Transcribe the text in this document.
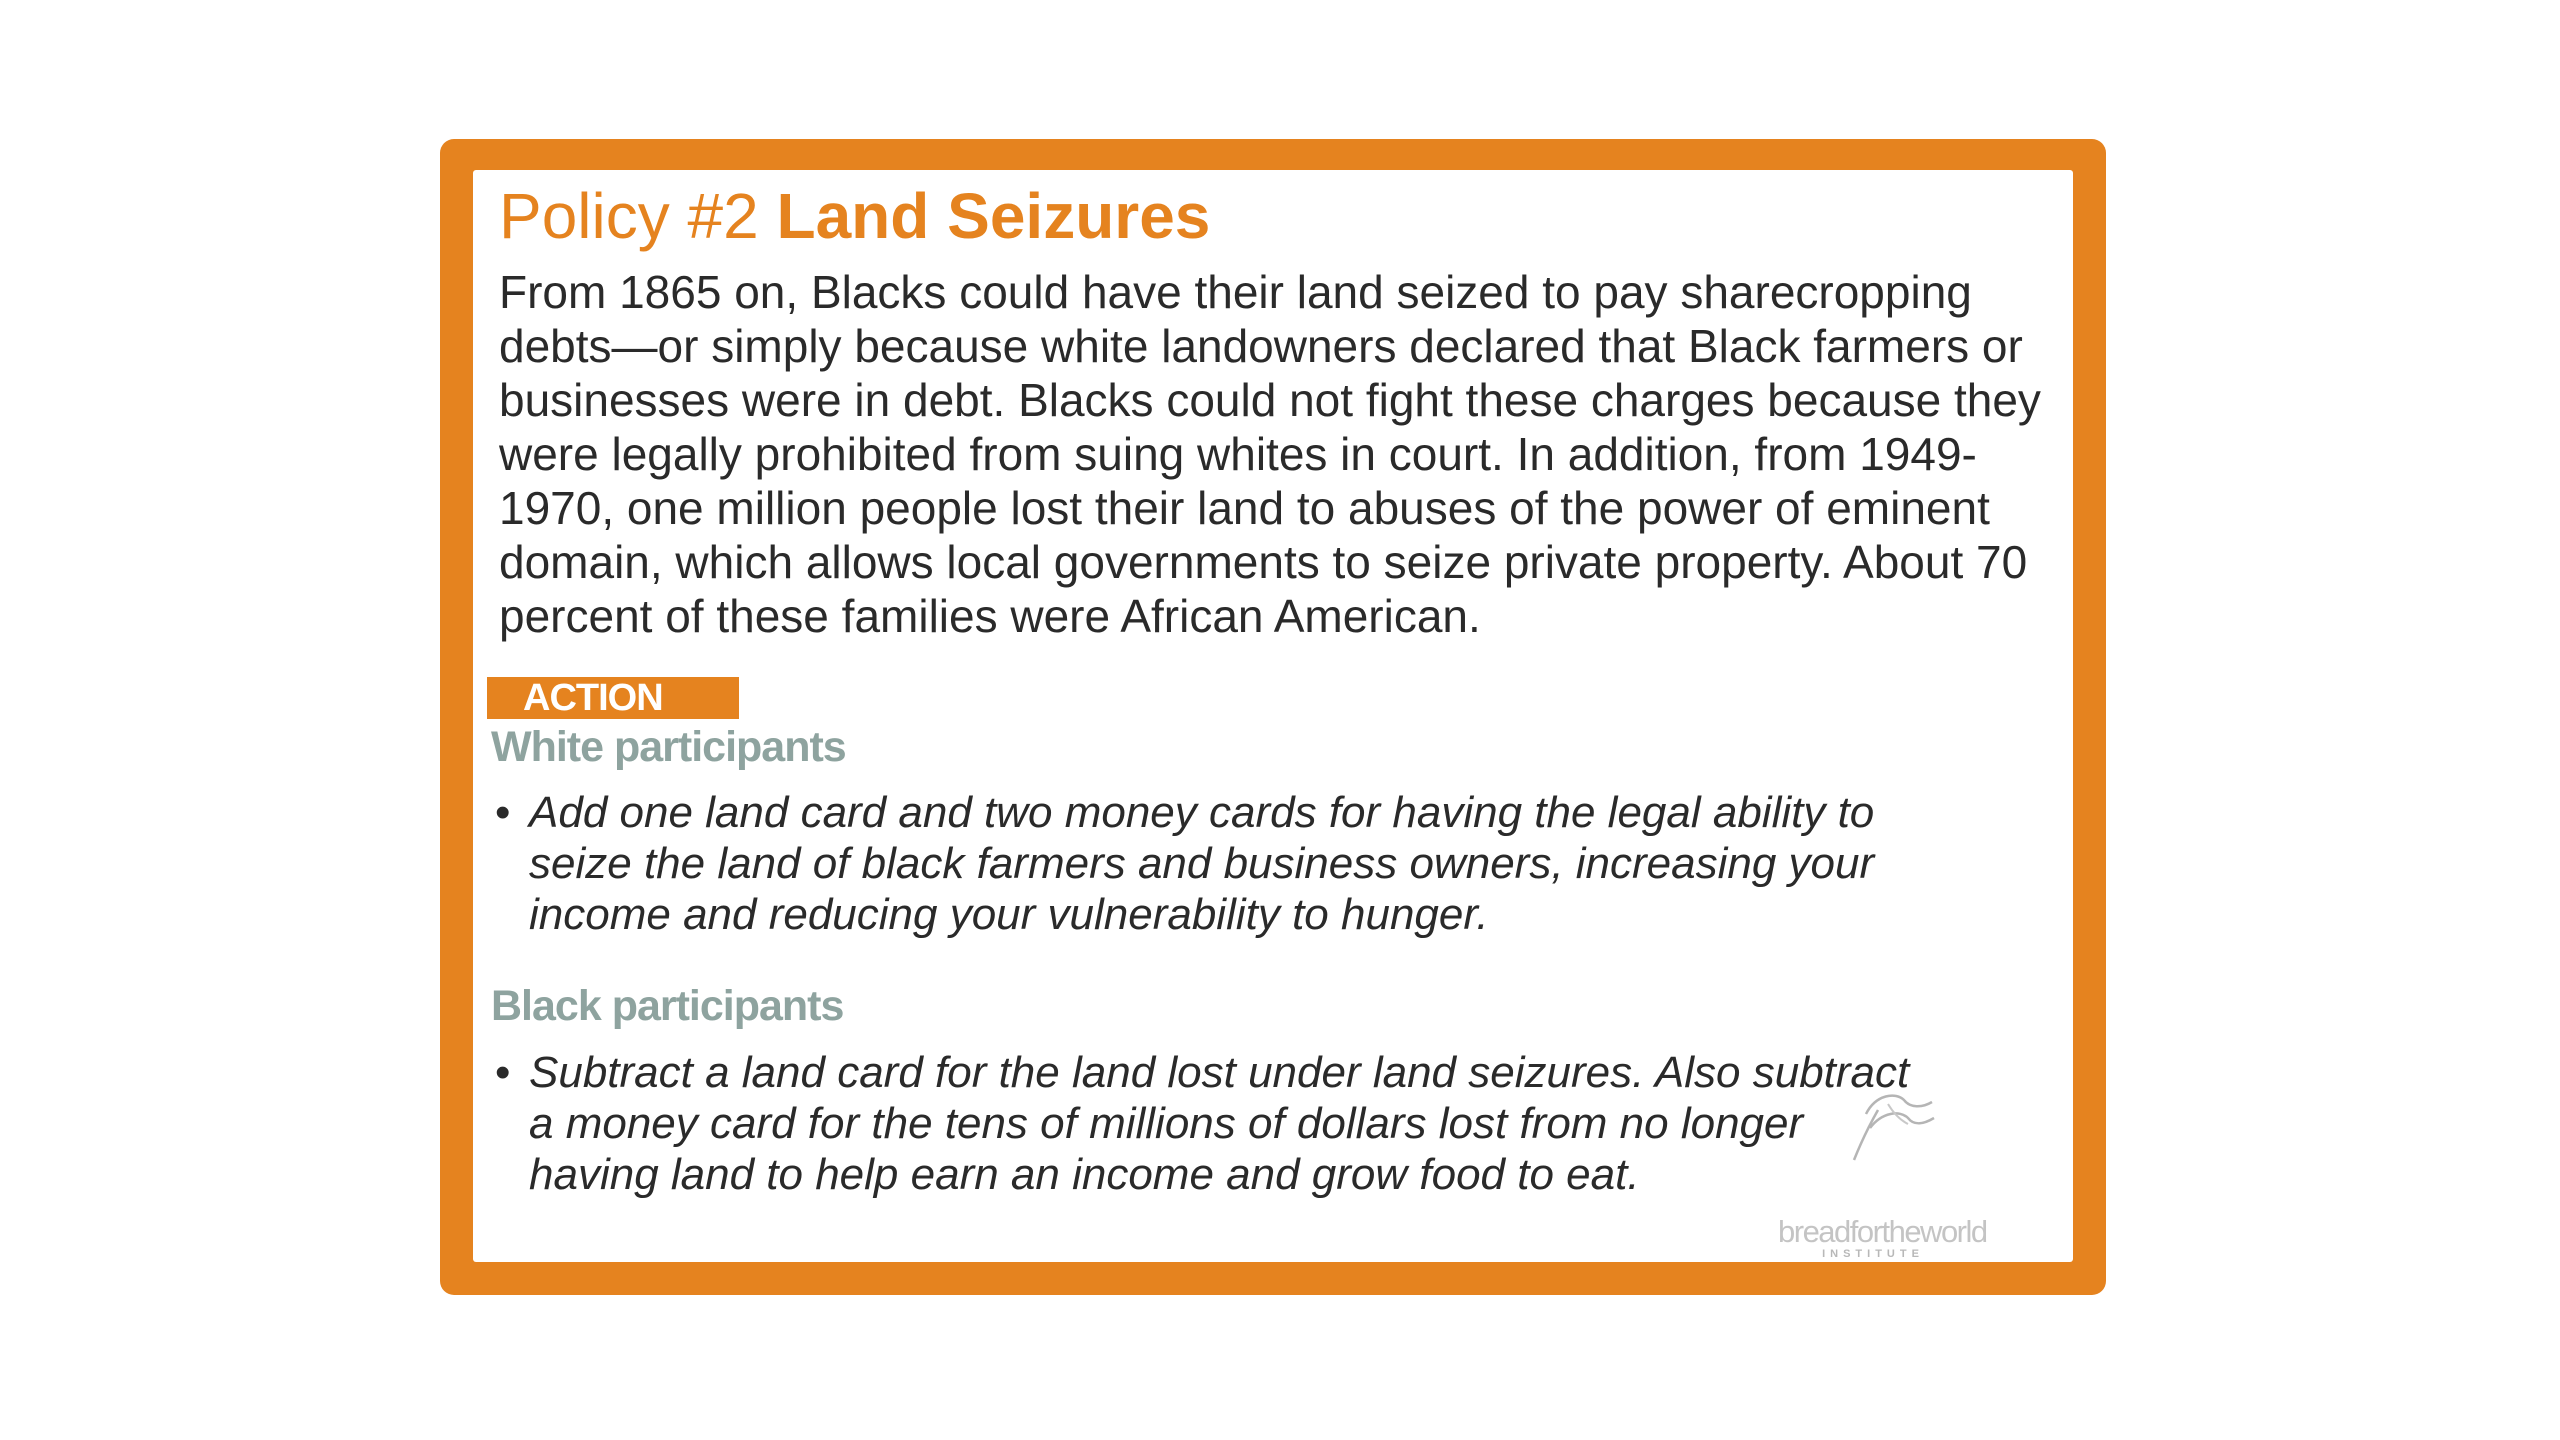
Policy #2 Land Seizures

From 1865 on, Blacks could have their land seized to pay sharecropping debts—or simply because white landowners declared that Black farmers or businesses were in debt. Blacks could not fight these charges because they were legally prohibited from suing whites in court. In addition, from 1949-1970, one million people lost their land to abuses of the power of eminent domain, which allows local governments to seize private property. About 70 percent of these families were African American.

ACTION
White participants
• Add one land card and two money cards for having the legal ability to seize the land of black farmers and business owners, increasing your income and reducing your vulnerability to hunger.
Black participants
• Subtract a land card for the land lost under land seizures. Also subtract a money card for the tens of millions of dollars lost from no longer having land to help earn an income and grow food to eat.
breadfortheworld
INSTITUTE
